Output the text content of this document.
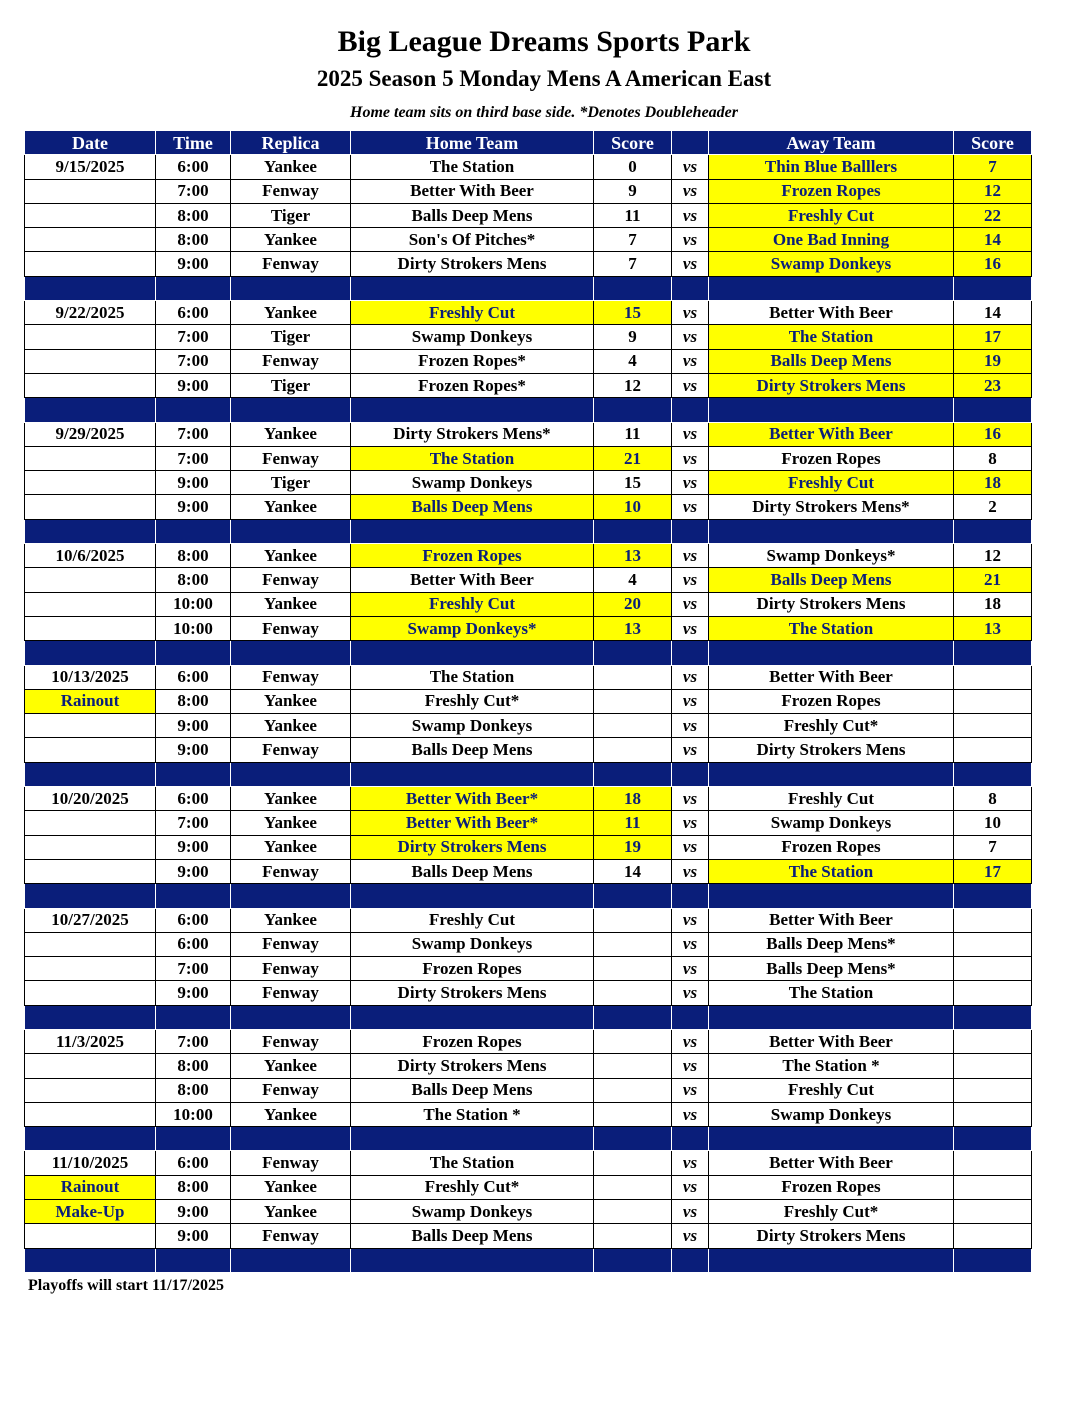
Big League Dreams Sports Park
2025 Season 5 Monday Mens A American East
Home team sits on third base side. *Denotes Doubleheader
Date	Time	Replica	Home Team	Score		Away Team	Score
9/15/2025	6:00	Yankee	The Station	0	vs	Thin Blue Balllers	7
	7:00	Fenway	Better With Beer	9	vs	Frozen Ropes	12
	8:00	Tiger	Balls Deep Mens	11	vs	Freshly Cut	22
	8:00	Yankee	Son's Of Pitches*	7	vs	One Bad Inning	14
	9:00	Fenway	Dirty Strokers Mens	7	vs	Swamp Donkeys	16

9/22/2025	6:00	Yankee	Freshly Cut	15	vs	Better With Beer	14
	7:00	Tiger	Swamp Donkeys	9	vs	The Station	17
	7:00	Fenway	Frozen Ropes*	4	vs	Balls Deep Mens	19
	9:00	Tiger	Frozen Ropes*	12	vs	Dirty Strokers Mens	23

9/29/2025	7:00	Yankee	Dirty Strokers Mens*	11	vs	Better With Beer	16
	7:00	Fenway	The Station	21	vs	Frozen Ropes	8
	9:00	Tiger	Swamp Donkeys	15	vs	Freshly Cut	18
	9:00	Yankee	Balls Deep Mens	10	vs	Dirty Strokers Mens*	2

10/6/2025	8:00	Yankee	Frozen Ropes	13	vs	Swamp Donkeys*	12
	8:00	Fenway	Better With Beer	4	vs	Balls Deep Mens	21
	10:00	Yankee	Freshly Cut	20	vs	Dirty Strokers Mens	18
	10:00	Fenway	Swamp Donkeys*	13	vs	The Station	13

10/13/2025	6:00	Fenway	The Station		vs	Better With Beer	
Rainout	8:00	Yankee	Freshly Cut*		vs	Frozen Ropes	
	9:00	Yankee	Swamp Donkeys		vs	Freshly Cut*	
	9:00	Fenway	Balls Deep Mens		vs	Dirty Strokers Mens	

10/20/2025	6:00	Yankee	Better With Beer*	18	vs	Freshly Cut	8
	7:00	Yankee	Better With Beer*	11	vs	Swamp Donkeys	10
	9:00	Yankee	Dirty Strokers Mens	19	vs	Frozen Ropes	7
	9:00	Fenway	Balls Deep Mens	14	vs	The Station	17

10/27/2025	6:00	Yankee	Freshly Cut		vs	Better With Beer	
	6:00	Fenway	Swamp Donkeys		vs	Balls Deep Mens*	
	7:00	Fenway	Frozen Ropes		vs	Balls Deep Mens*	
	9:00	Fenway	Dirty Strokers Mens		vs	The Station	

11/3/2025	7:00	Fenway	Frozen Ropes		vs	Better With Beer	
	8:00	Yankee	Dirty Strokers Mens		vs	The Station *	
	8:00	Fenway	Balls Deep Mens		vs	Freshly Cut	
	10:00	Yankee	The Station *		vs	Swamp Donkeys	

11/10/2025	6:00	Fenway	The Station		vs	Better With Beer	
Rainout	8:00	Yankee	Freshly Cut*		vs	Frozen Ropes	
Make-Up	9:00	Yankee	Swamp Donkeys		vs	Freshly Cut*	
	9:00	Fenway	Balls Deep Mens		vs	Dirty Strokers Mens	

Playoffs will start 11/17/2025
